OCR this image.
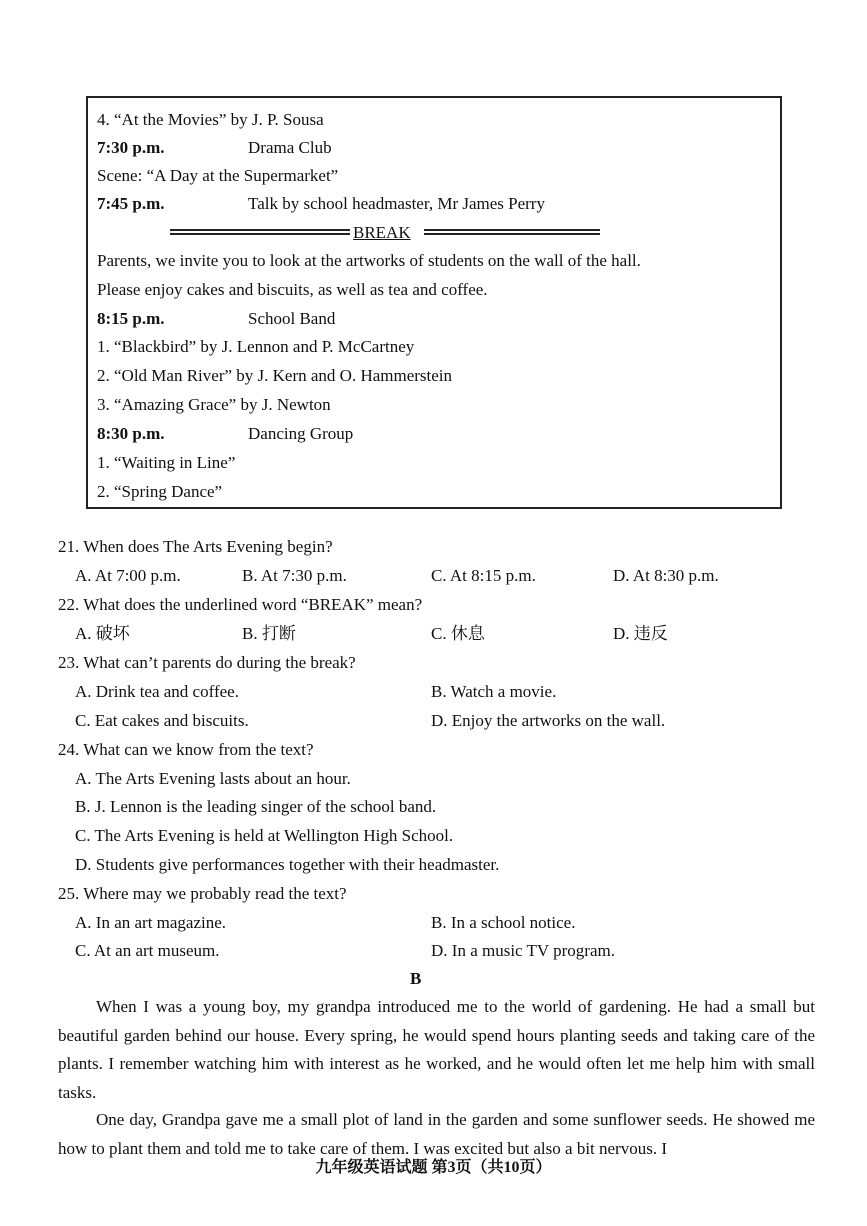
4. “At the Movies” by J. P. Sousa
7:30 p.m.	Drama Club
Scene: “A Day at the Supermarket”
7:45 p.m.	Talk by school headmaster, Mr James Perry
BREAK
Parents, we invite you to look at the artworks of students on the wall of the hall.
Please enjoy cakes and biscuits, as well as tea and coffee.
8:15 p.m.	School Band
1. “Blackbird” by J. Lennon and P. McCartney
2. “Old Man River” by J. Kern and O. Hammerstein
3. “Amazing Grace” by J. Newton
8:30 p.m.	Dancing Group
1. “Waiting in Line”
2. “Spring Dance”
21. When does The Arts Evening begin?
A. At 7:00 p.m.	B. At 7:30 p.m.	C. At 8:15 p.m.	D. At 8:30 p.m.
22. What does the underlined word “BREAK” mean?
A. 破坏	B. 打断	C. 休息	D. 违反
23. What can’t parents do during the break?
A. Drink tea and coffee.	B. Watch a movie.
C. Eat cakes and biscuits.	D. Enjoy the artworks on the wall.
24. What can we know from the text?
A. The Arts Evening lasts about an hour.
B. J. Lennon is the leading singer of the school band.
C. The Arts Evening is held at Wellington High School.
D. Students give performances together with their headmaster.
25. Where may we probably read the text?
A. In an art magazine.	B. In a school notice.
C. At an art museum.	D. In a music TV program.
B
When I was a young boy, my grandpa introduced me to the world of gardening. He had a small but beautiful garden behind our house. Every spring, he would spend hours planting seeds and taking care of the plants. I remember watching him with interest as he worked, and he would often let me help him with small tasks.
One day, Grandpa gave me a small plot of land in the garden and some sunflower seeds. He showed me how to plant them and told me to take care of them. I was excited but also a bit nervous. I
九年级英语试题 第3页（共10页）
